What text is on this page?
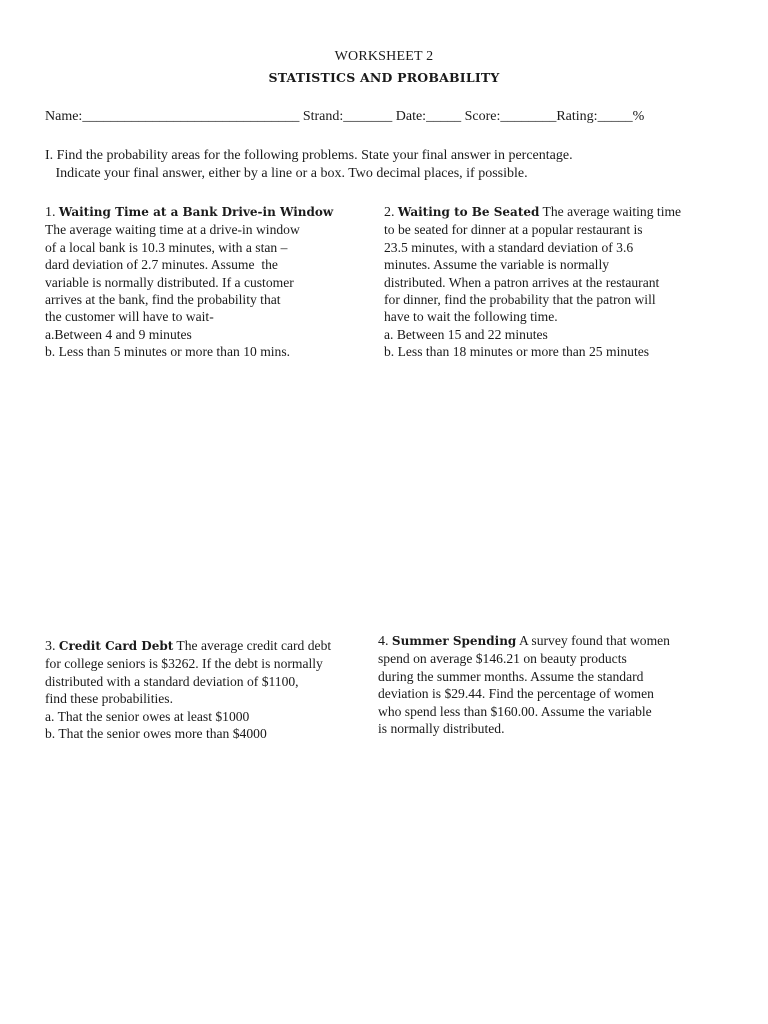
WORKSHEET 2
STATISTICS AND PROBABILITY
Name:_______________________________ Strand:_______ Date:_____ Score:________Rating:_____%
I. Find the probability areas for the following problems. State your final answer in percentage.
Indicate your final answer, either by a line or a box. Two decimal places, if possible.
1. Waiting Time at a Bank Drive-in Window
The average waiting time at a drive-in window
of a local bank is 10.3 minutes, with a stan –
dard deviation of 2.7 minutes. Assume  the
variable is normally distributed. If a customer
arrives at the bank, find the probability that
the customer will have to wait-
a.Between 4 and 9 minutes
b. Less than 5 minutes or more than 10 mins.
2. Waiting to Be Seated The average waiting time
to be seated for dinner at a popular restaurant is
23.5 minutes, with a standard deviation of 3.6
minutes. Assume the variable is normally
distributed. When a patron arrives at the restaurant
for dinner, find the probability that the patron will
have to wait the following time.
a. Between 15 and 22 minutes
b. Less than 18 minutes or more than 25 minutes
3. Credit Card Debt The average credit card debt
for college seniors is $3262. If the debt is normally
distributed with a standard deviation of $1100,
find these probabilities.
a. That the senior owes at least $1000
b. That the senior owes more than $4000
4. Summer Spending A survey found that women
spend on average $146.21 on beauty products
during the summer months. Assume the standard
deviation is $29.44. Find the percentage of women
who spend less than $160.00. Assume the variable
is normally distributed.
